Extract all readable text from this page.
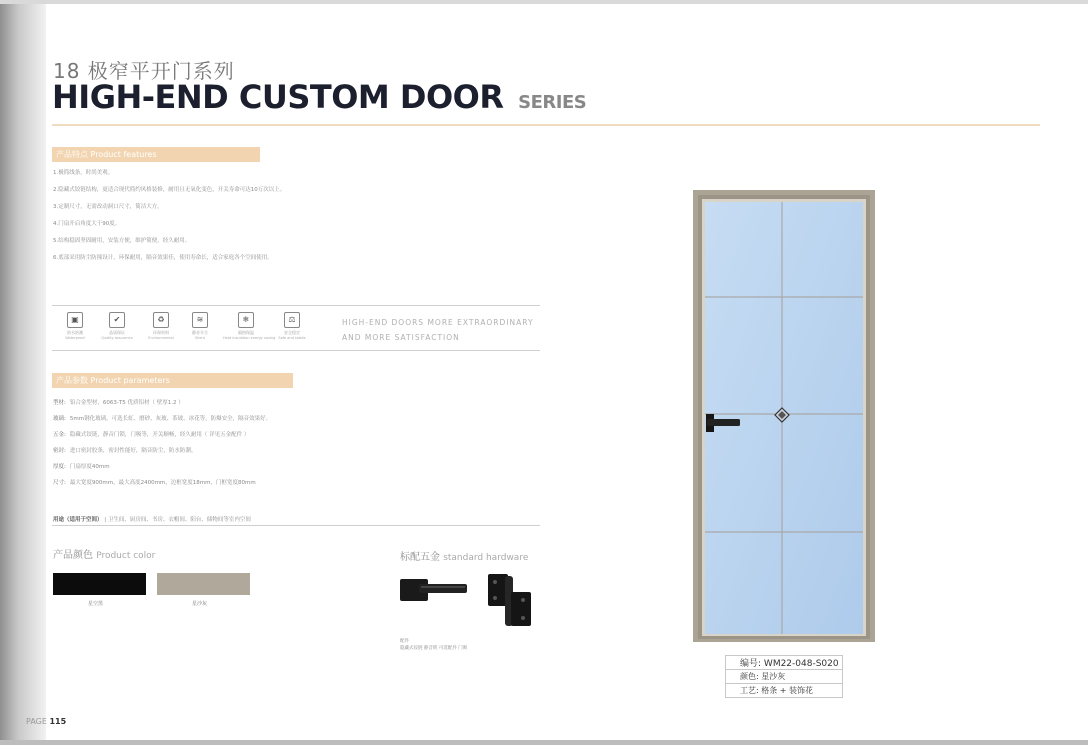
18 极窄平开门系列
HIGH-END CUSTOM DOOR SERIES
产品特点 Product features
1.极简线条，时尚美观。
2.隐藏式铰链结构，更适合现代简约风格装修，耐用且无氧化变色，开关寿命可达10万次以上。
3.定制尺寸，无需改动洞口尺寸，简洁大方。
4.门扇开启角度大于90度。
5.结构稳固坚固耐用，安装方便，维护简便，经久耐用。
6.底部采用防尘防撞设计，环保耐用，隔音效果佳，使用寿命长，适合家庭各个空间使用。
▣
防水防潮
Waterproof
✔
品质保证
Quality assurance
♻
环保材料
Environmental
≋
静音开合
Silent
❄
隔热保温
Heat insulation energy saving
⚖
安全稳定
Safe and stable
HIGH-END DOORS MORE EXTRAORDINARY
AND MORE SATISFACTION
产品参数 Product parameters
型材: 铝合金型材，6063-T5 优质铝材（ 壁厚1.2 ）
玻璃: 5mm钢化玻璃，可选长虹、磨砂、灰玻、茶玻、冰花等，防爆安全，隔音效果好。
五金: 隐藏式铰链，静音门锁，门吸等，开关顺畅，经久耐用（ 详见五金配件 ）
密封: 进口密封胶条，密封性能好，隔音防尘，防水防潮。
厚度: 门扇厚度40mm
尺寸: 最大宽度900mm，最大高度2400mm，边框宽度18mm，门框宽度80mm
用途（适用于空间） | 卫生间、厨房间、书房、衣帽间、阳台、储物间等室内空间
产品颜色 Product color
星空黑	星沙灰
标配五金 standard hardware
配件
隐藏式铰链 静音锁 可选配件 门吸
PAGE 115
编号: WM22-048-S020
颜色: 星沙灰
工艺: 格条 + 装饰花
